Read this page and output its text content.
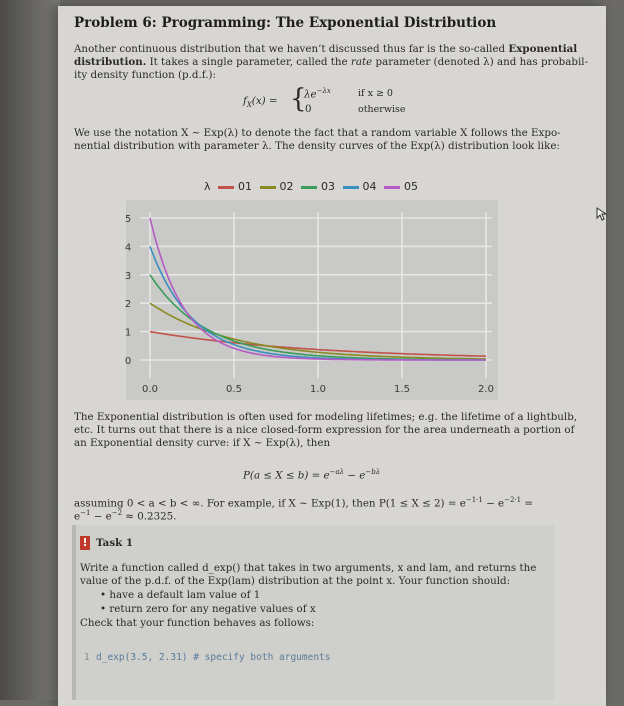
Problem 6: Programming: The Exponential Distribution
Another continuous distribution that we haven’t discussed thus far is the so-called Exponential
distribution. It takes a single parameter, called the rate parameter (denoted λ) and has probabil-
ity density function (p.d.f.):
$f_X(x)$ = {
$\lambda e^{-\lambda x}$	if x ≥ 0
0	otherwise
We use the notation X ~ Exp(λ) to denote the fact that a random variable X follows the Expo-
nential distribution with parameter λ. The density curves of the Exp(λ) distribution look like:
λ	01	02	03	04	05
0
1
2
3
4
5
0.0	0.5	1.0	1.5	2.0
The Exponential distribution is often used for modeling lifetimes; e.g. the lifetime of a lightbulb,
etc. It turns out that there is a nice closed-form expression for the area underneath a portion of
an Exponential density curve: if X ~ Exp(λ), then
$P(a \le X \le b) = e^{-a\lambda} - e^{-b\lambda}$
assuming 0 < a < b < ∞. For example, if X ~ Exp(1), then $P(1 \le X \le 2) = e^{-1\cdot 1} - e^{-2\cdot 1}$ =
$e^{-1} - e^{-2} \approx 0.2325$.
! Task 1
Write a function called d_exp() that takes in two arguments, x and lam, and returns the
value of the p.d.f. of the Exp(lam) distribution at the point x. Your function should:
• have a default lam value of 1
• return zero for any negative values of x
Check that your function behaves as follows:
1 d_exp(3.5, 2.31) # specify both arguments
